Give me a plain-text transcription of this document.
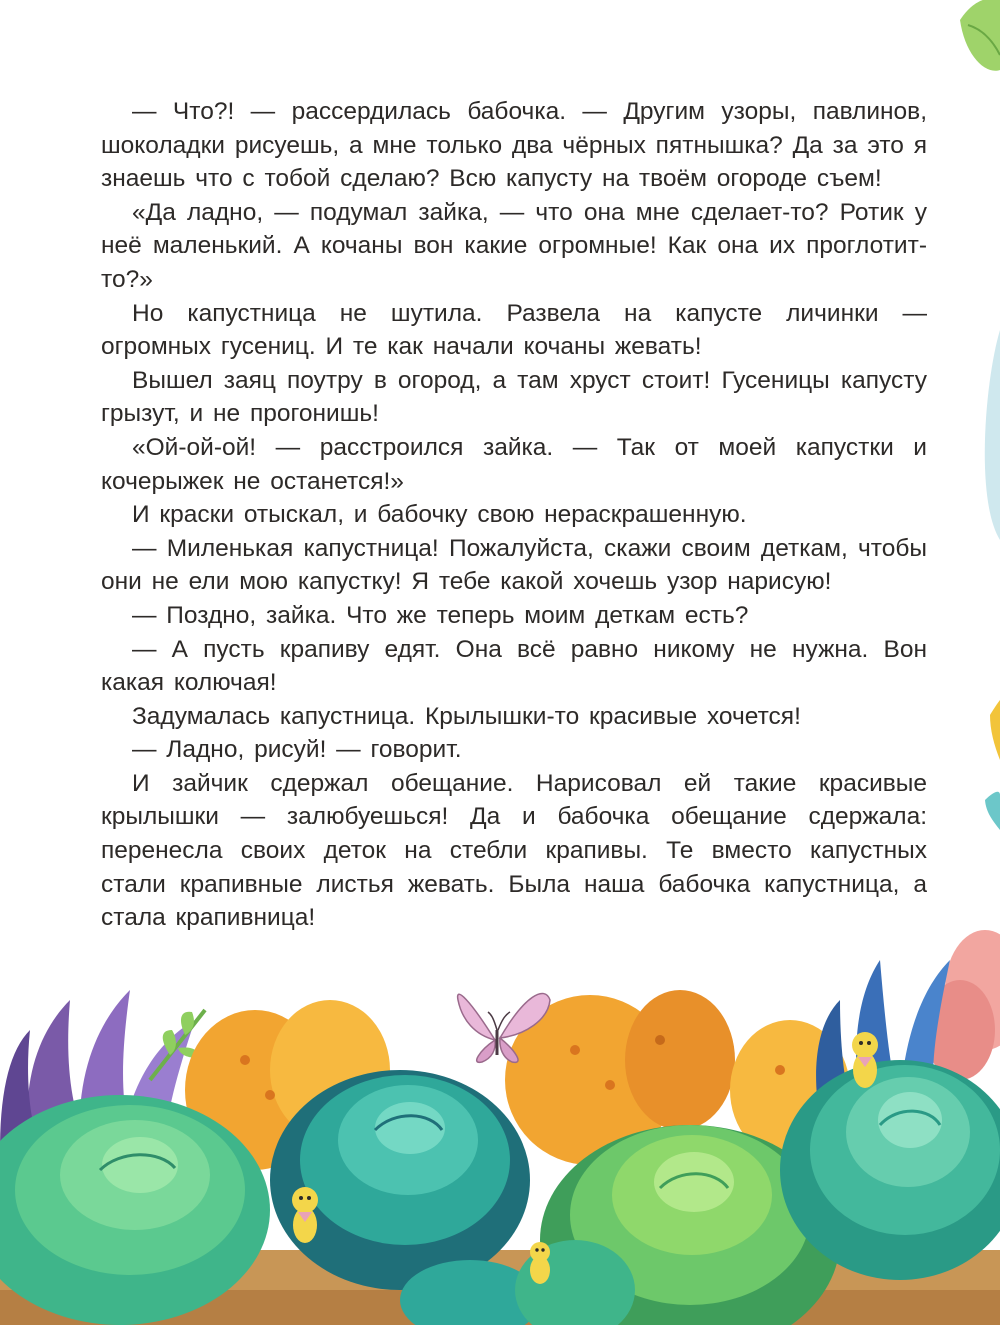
— Что?! — рассердилась бабочка. — Другим узоры, павлинов, шоколадки рисуешь, а мне только два чёрных пятнышка? Да за это я знаешь что с тобой сделаю? Всю капусту на твоём огороде съем!

«Да ладно, — подумал зайка, — что она мне сделает-то? Ротик у неё маленький. А кочаны вон какие огромные! Как она их проглотит-то?»

Но капустница не шутила. Развела на капусте личинки — огромных гусениц. И те как начали кочаны жевать!

Вышел заяц поутру в огород, а там хруст стоит! Гусеницы капусту грызут, и не прогонишь!

«Ой-ой-ой! — расстроился зайка. — Так от моей капустки и кочерыжек не останется!»

И краски отыскал, и бабочку свою нераскрашенную.

— Миленькая капустница! Пожалуйста, скажи своим деткам, чтобы они не ели мою капустку! Я тебе какой хочешь узор нарисую!

— Поздно, зайка. Что же теперь моим деткам есть?

— А пусть крапиву едят. Она всё равно никому не нужна. Вон какая колючая!

Задумалась капустница. Крылышки-то красивые хочется!

— Ладно, рисуй! — говорит.

И зайчик сдержал обещание. Нарисовал ей такие красивые крылышки — залюбуешься! Да и бабочка обещание сдержала: перенесла своих деток на стебли крапивы. Те вместо капустных стали крапивные листья жевать. Была наша бабочка капустница, а стала крапивница!
